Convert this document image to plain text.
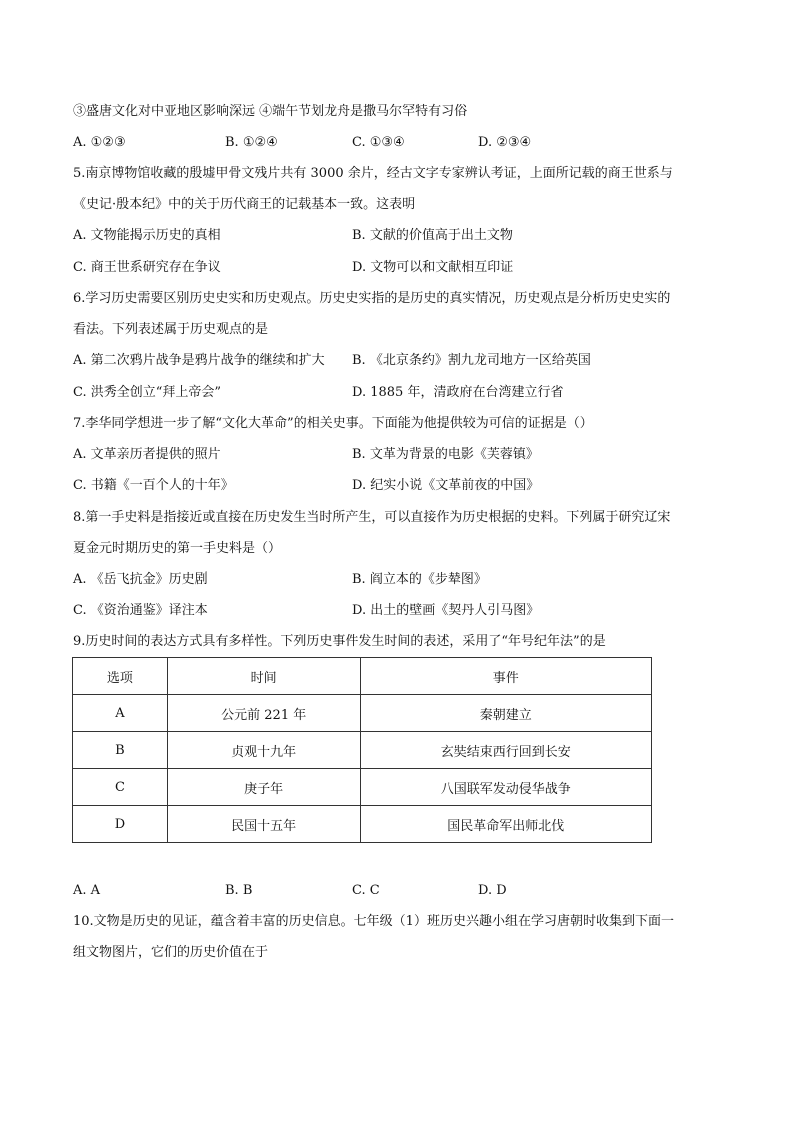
③盛唐文化对中亚地区影响深远 ④端午节划龙舟是撒马尔罕特有习俗
A. ①②③	B. ①②④	C. ①③④	D. ②③④
5.南京博物馆收藏的殷墟甲骨文残片共有 3000 余片，经古文字专家辨认考证，上面所记载的商王世系与
《史记·殷本纪》中的关于历代商王的记载基本一致。这表明
A. 文物能揭示历史的真相	B. 文献的价值高于出土文物
C. 商王世系研究存在争议	D. 文物可以和文献相互印证
6.学习历史需要区别历史史实和历史观点。历史史实指的是历史的真实情况，历史观点是分析历史史实的
看法。下列表述属于历史观点的是
A. 第二次鸦片战争是鸦片战争的继续和扩大 B. 《北京条约》割九龙司地方一区给英国
C. 洪秀全创立“拜上帝会”	D. 1885 年，清政府在台湾建立行省
7.李华同学想进一步了解“文化大革命”的相关史事。下面能为他提供较为可信的证据是（）
A. 文革亲历者提供的照片	B. 文革为背景的电影《芙蓉镇》
C. 书籍《一百个人的十年》	D. 纪实小说《文革前夜的中国》
8.第一手史料是指接近或直接在历史发生当时所产生，可以直接作为历史根据的史料。下列属于研究辽宋
夏金元时期历史的第一手史料是（）
A. 《岳飞抗金》历史剧	B. 阎立本的《步辇图》
C. 《资治通鉴》译注本	D. 出土的壁画《契丹人引马图》
9.历史时间的表达方式具有多样性。下列历史事件发生时间的表述，采用了“年号纪年法”的是
选项	时间	事件
A	公元前 221 年	秦朝建立
B	贞观十九年	玄奘结束西行回到长安
C	庚子年	八国联军发动侵华战争
D	民国十五年	国民革命军出师北伐
A. A	B. B	C. C	D. D
10.文物是历史的见证，蕴含着丰富的历史信息。七年级（1）班历史兴趣小组在学习唐朝时收集到下面一
组文物图片，它们的历史价值在于
